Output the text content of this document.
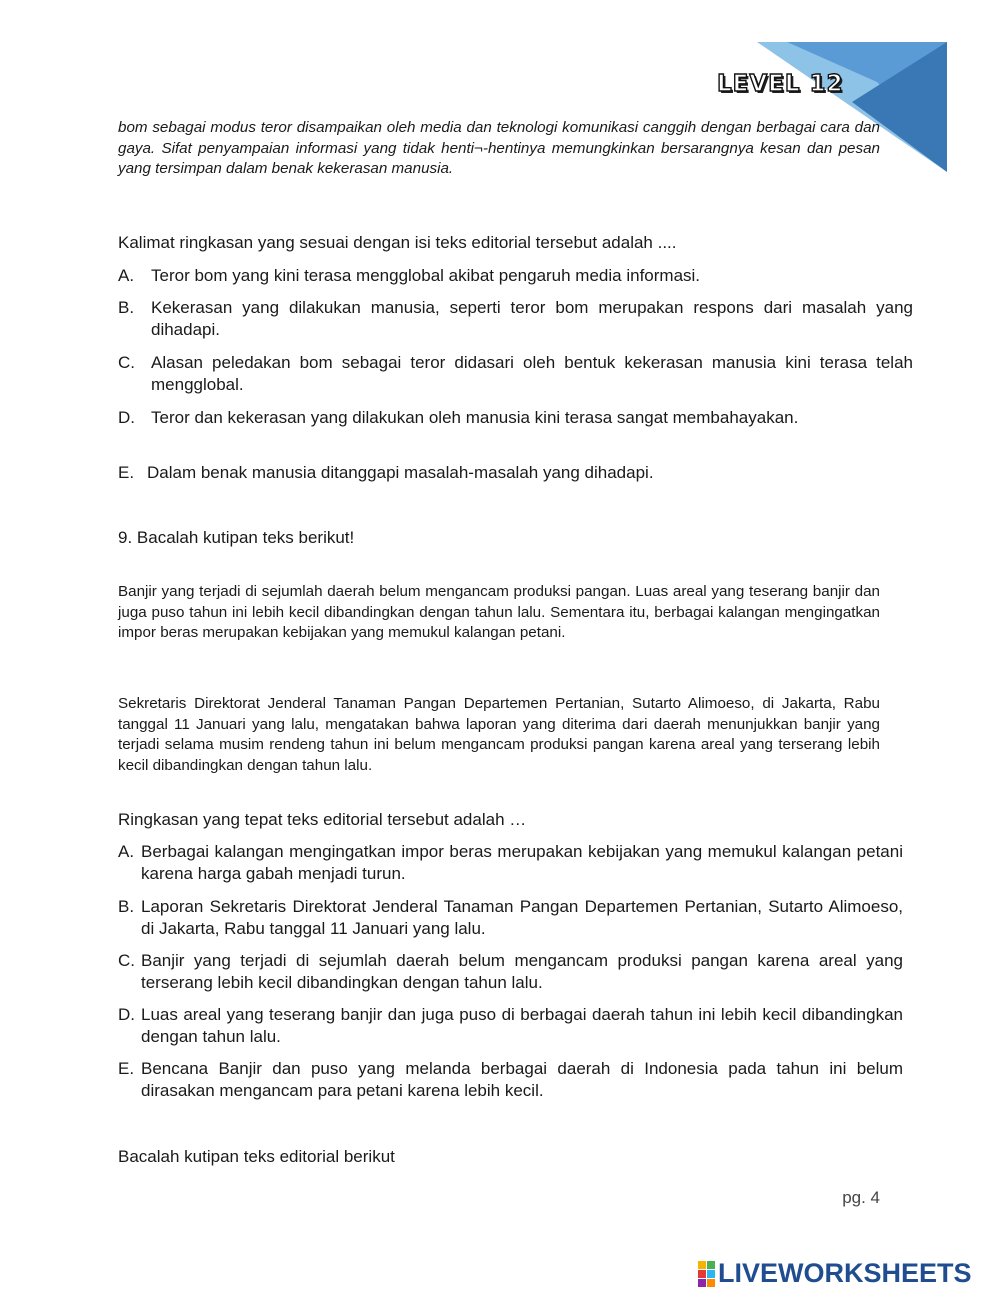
LEVEL 12

bom sebagai modus teror disampaikan oleh media dan teknologi komunikasi canggih dengan berbagai cara dan gaya. Sifat penyampaian informasi yang tidak henti¬-hentinya memungkinkan bersarangnya kesan dan pesan yang tersimpan dalam benak kekerasan manusia.

Kalimat ringkasan yang sesuai dengan isi teks editorial tersebut adalah ....

A. Teror bom yang kini terasa mengglobal akibat pengaruh media informasi.

B. Kekerasan yang dilakukan manusia, seperti teror bom merupakan respons dari masalah yang dihadapi.

C. Alasan peledakan bom sebagai teror didasari oleh bentuk kekerasan manusia kini terasa telah mengglobal.

D. Teror dan kekerasan yang dilakukan oleh manusia kini terasa sangat membahayakan.

E. Dalam benak manusia ditanggapi masalah-masalah yang dihadapi.

9. Bacalah kutipan teks berikut!

Banjir yang terjadi di sejumlah daerah belum mengancam produksi pangan. Luas areal yang teserang banjir dan juga puso tahun ini lebih kecil dibandingkan dengan tahun lalu. Sementara itu, berbagai kalangan mengingatkan impor beras merupakan kebijakan yang memukul kalangan petani.

Sekretaris Direktorat Jenderal Tanaman Pangan Departemen Pertanian, Sutarto Alimoeso, di Jakarta, Rabu tanggal 11 Januari yang lalu, mengatakan bahwa laporan yang diterima dari daerah menunjukkan banjir yang terjadi selama musim rendeng tahun ini belum mengancam produksi pangan karena areal yang terserang lebih kecil dibandingkan dengan tahun lalu.

Ringkasan yang tepat teks editorial tersebut adalah …

A. Berbagai kalangan mengingatkan impor beras merupakan kebijakan yang memukul kalangan petani karena harga gabah menjadi turun.

B. Laporan Sekretaris Direktorat Jenderal Tanaman Pangan Departemen Pertanian, Sutarto Alimoeso, di Jakarta, Rabu tanggal 11 Januari yang lalu.

C. Banjir yang terjadi di sejumlah daerah belum mengancam produksi pangan karena areal yang terserang lebih kecil dibandingkan dengan tahun lalu.

D. Luas areal yang teserang banjir dan juga puso di berbagai daerah tahun ini lebih kecil dibandingkan dengan tahun lalu.

E. Bencana Banjir dan puso yang melanda berbagai daerah di Indonesia pada tahun ini belum dirasakan mengancam para petani karena lebih kecil.

Bacalah kutipan teks editorial berikut

pg. 4
LIVEWORKSHEETS
